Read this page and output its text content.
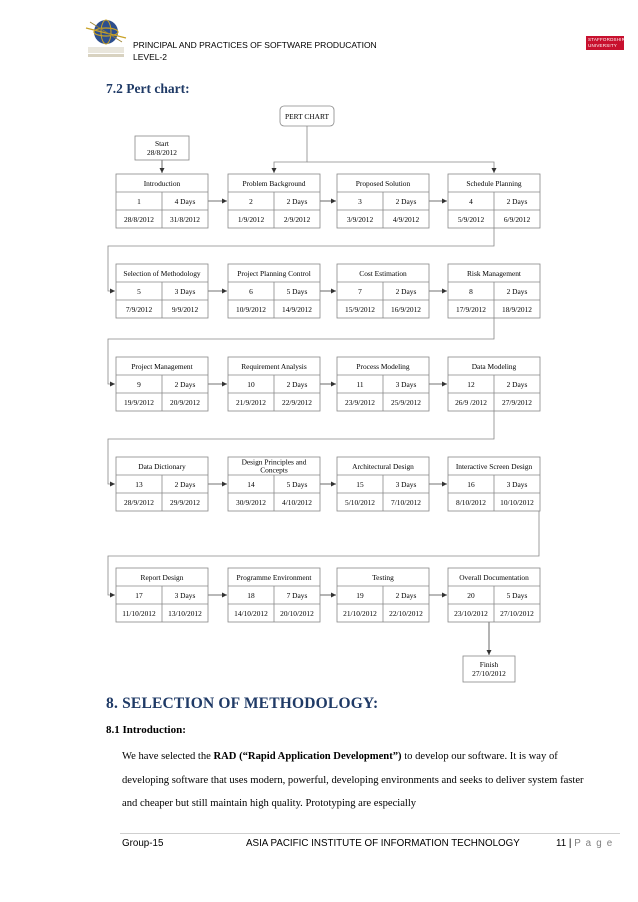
PRINCIPAL AND PRACTICES OF SOFTWARE PRODUCATION
LEVEL-2
STAFFORDSHIRE UNIVERSITY
7.2 Pert chart:
Introduction
1	4 Days
28/8/2012 31/8/2012
Problem Background
2	2 Days
1/9/2012	2/9/2012
Proposed Solution
3	2 Days
3/9/2012	4/9/2012
Schedule Planning
4	2 Days
5/9/2012	6/9/2012
Selection of Methodology
5	3 Days
7/9/2012	9/9/2012
Project Planning Control
6	5 Days
10/9/2012 14/9/2012
Cost Estimation
7	2 Days
15/9/2012 16/9/2012
Risk Management
8	2 Days
17/9/2012 18/9/2012
Project Management
9	2 Days
19/9/2012 20/9/2012
Requirement Analysis
10	2 Days
21/9/2012 22/9/2012
Process Modeling
11	3 Days
23/9/2012 25/9/2012
Data Modeling
12	2 Days
26/9 /2012 27/9/2012
Data Dictionary
13	2 Days
28/9/2012 29/9/2012
Design Principles and
Concepts
14	5 Days
30/9/2012 4/10/2012
Architectural Design
15	3 Days
5/10/2012 7/10/2012
Interactive Screen Design
16	3 Days
8/10/2012 10/10/2012
Report Design
17	3 Days
11/10/2012 13/10/2012
Programme Environment
18	7 Days
14/10/2012 20/10/2012
Testing
19	2 Days
21/10/2012 22/10/2012
Overall Documentation
20	5 Days
23/10/2012 27/10/2012
PERT CHART
Start
28/8/2012
Finish
27/10/2012
8. SELECTION OF METHODOLOGY:
8.1 Introduction:
We have selected the RAD (“Rapid Application Development”) to develop our software. It is way of developing software that uses modern, powerful, developing environments and seeks to deliver system faster and cheaper but still maintain high quality. Prototyping are especially
Group-15	ASIA PACIFIC INSTITUTE OF INFORMATION TECHNOLOGY	11 | P a g e
